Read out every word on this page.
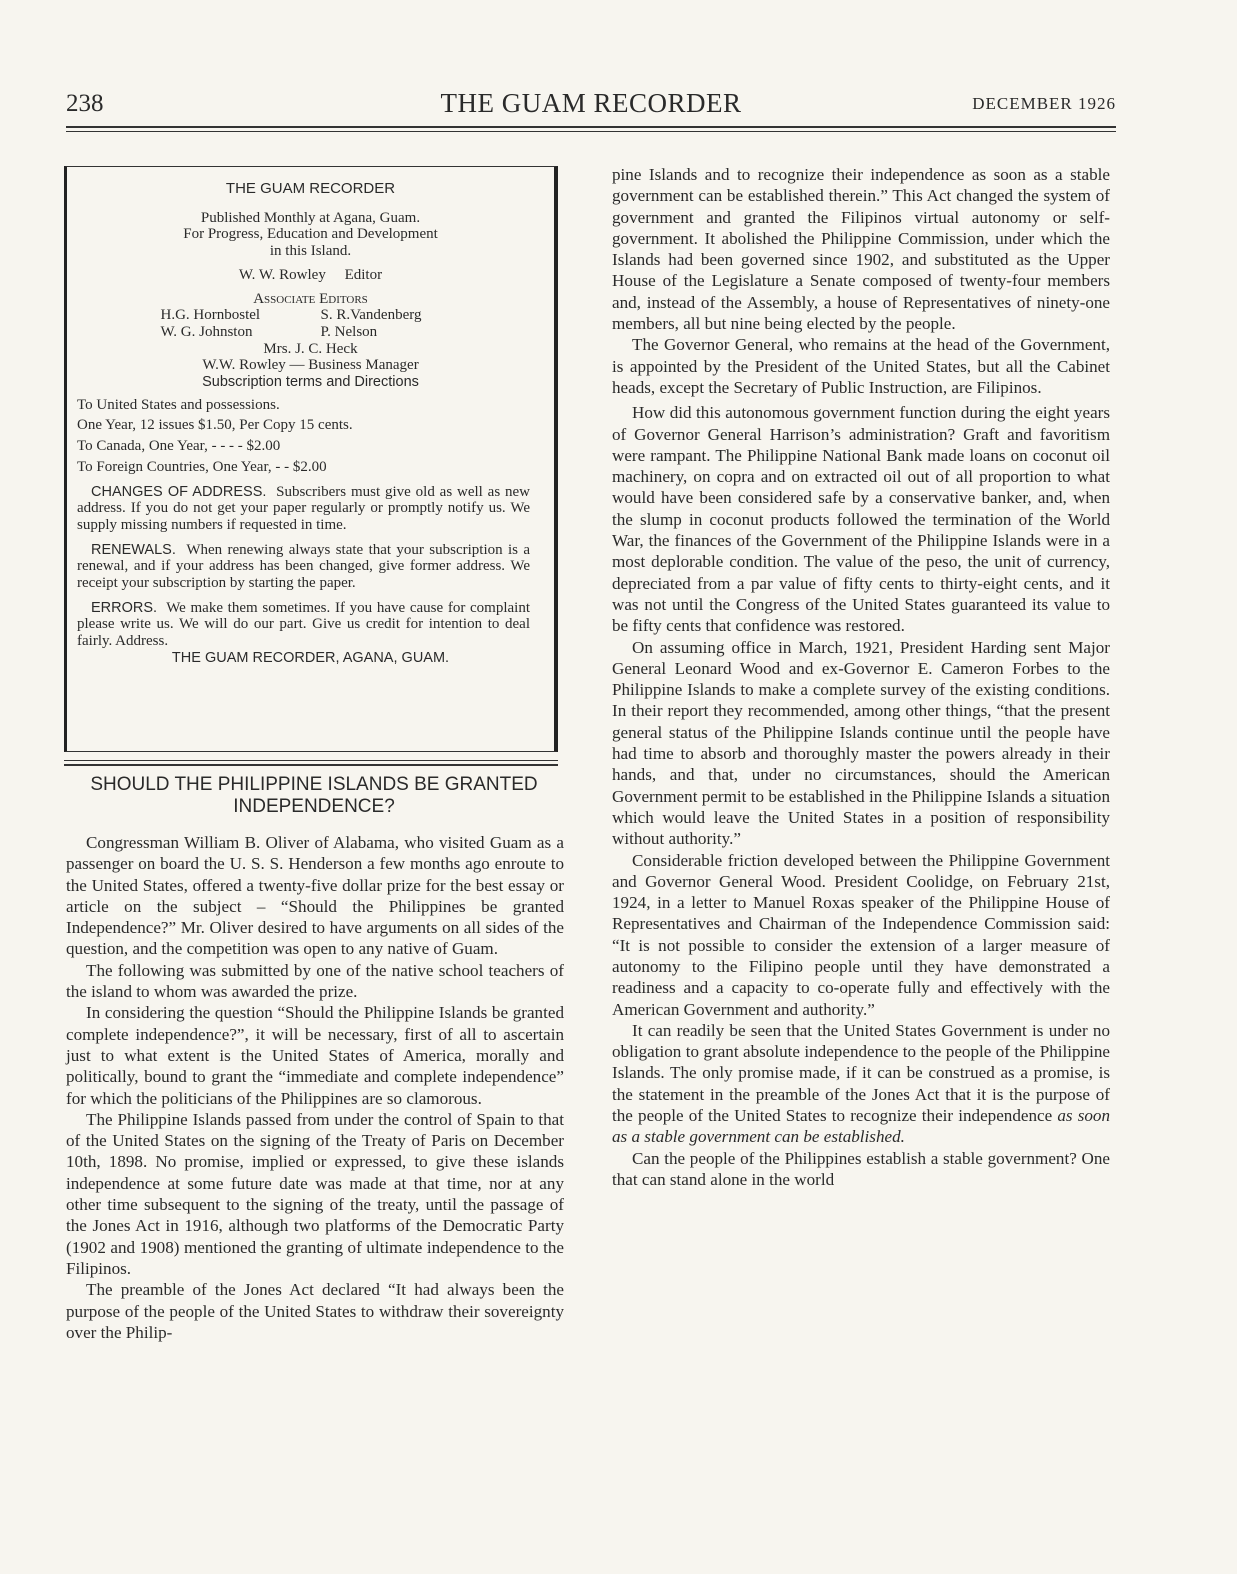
238	THE GUAM RECORDER	DECEMBER 1926
THE GUAM RECORDER
Published Monthly at Agana, Guam.
For Progress, Education and Development
in this Island.
W. W. Rowley Editor
Associate Editors
H.G. Hornbostel	S. R.Vandenberg
W. G. Johnston	P. Nelson
Mrs. J. C. Heck
W.W. Rowley — Business Manager
Subscription terms and Directions
To United States and possessions.
One Year, 12 issues $1.50, Per Copy 15 cents.
To Canada, One Year, - - - - $2.00
To Foreign Countries, One Year, - - $2.00

CHANGES OF ADDRESS. Subscribers must give old as well as new address. If you do not get your paper regularly or promptly notify us. We supply missing numbers if requested in time.

RENEWALS. When renewing always state that your subscription is a renewal, and if your address has been changed, give former address. We receipt your subscription by starting the paper.

ERRORS. We make them sometimes. If you have cause for complaint please write us. We will do our part. Give us credit for intention to deal fairly. Address.

THE GUAM RECORDER, AGANA, GUAM.
SHOULD THE PHILIPPINE ISLANDS BE GRANTED
INDEPENDENCE?

Congressman William B. Oliver of Alabama, who visited Guam as a passenger on board the U. S. S. Henderson a few months ago enroute to the United States, offered a twenty-five dollar prize for the best essay or article on the subject – “Should the Philippines be granted Independence?” Mr. Oliver desired to have arguments on all sides of the question, and the competition was open to any native of Guam.

The following was submitted by one of the native school teachers of the island to whom was awarded the prize.

In considering the question “Should the Philippine Islands be granted complete independence?”, it will be necessary, first of all to ascertain just to what extent is the United States of America, morally and politically, bound to grant the “immediate and complete independence” for which the politicians of the Philippines are so clamorous.

The Philippine Islands passed from under the control of Spain to that of the United States on the signing of the Treaty of Paris on December 10th, 1898. No promise, implied or expressed, to give these islands independence at some future date was made at that time, nor at any other time subsequent to the signing of the treaty, until the passage of the Jones Act in 1916, although two platforms of the Democratic Party (1902 and 1908) mentioned the granting of ultimate independence to the Filipinos.

The preamble of the Jones Act declared “It had always been the purpose of the people of the United States to withdraw their sovereignty over the Philip-

pine Islands and to recognize their independence as soon as a stable government can be established therein.” This Act changed the system of government and granted the Filipinos virtual autonomy or self-government. It abolished the Philippine Commission, under which the Islands had been governed since 1902, and substituted as the Upper House of the Legislature a Senate composed of twenty-four members and, instead of the Assembly, a house of Representatives of ninety-one members, all but nine being elected by the people.

The Governor General, who remains at the head of the Government, is appointed by the President of the United States, but all the Cabinet heads, except the Secretary of Public Instruction, are Filipinos.

How did this autonomous government function during the eight years of Governor General Harrison’s administration? Graft and favoritism were rampant. The Philippine National Bank made loans on coconut oil machinery, on copra and on extracted oil out of all proportion to what would have been considered safe by a conservative banker, and, when the slump in coconut products followed the termination of the World War, the finances of the Government of the Philippine Islands were in a most deplorable condition. The value of the peso, the unit of currency, depreciated from a par value of fifty cents to thirty-eight cents, and it was not until the Congress of the United States guaranteed its value to be fifty cents that confidence was restored.

On assuming office in March, 1921, President Harding sent Major General Leonard Wood and ex-Governor E. Cameron Forbes to the Philippine Islands to make a complete survey of the existing conditions. In their report they recommended, among other things, “that the present general status of the Philippine Islands continue until the people have had time to absorb and thoroughly master the powers already in their hands, and that, under no circumstances, should the American Government permit to be established in the Philippine Islands a situation which would leave the United States in a position of responsibility without authority.”

Considerable friction developed between the Philippine Government and Governor General Wood. President Coolidge, on February 21st, 1924, in a letter to Manuel Roxas speaker of the Philippine House of Representatives and Chairman of the Independence Commission said: “It is not possible to consider the extension of a larger measure of autonomy to the Filipino people until they have demonstrated a readiness and a capacity to co-operate fully and effectively with the American Government and authority.”

It can readily be seen that the United States Government is under no obligation to grant absolute independence to the people of the Philippine Islands. The only promise made, if it can be construed as a promise, is the statement in the preamble of the Jones Act that it is the purpose of the people of the United States to recognize their independence as soon as a stable government can be established.

Can the people of the Philippines establish a stable government? One that can stand alone in the world
